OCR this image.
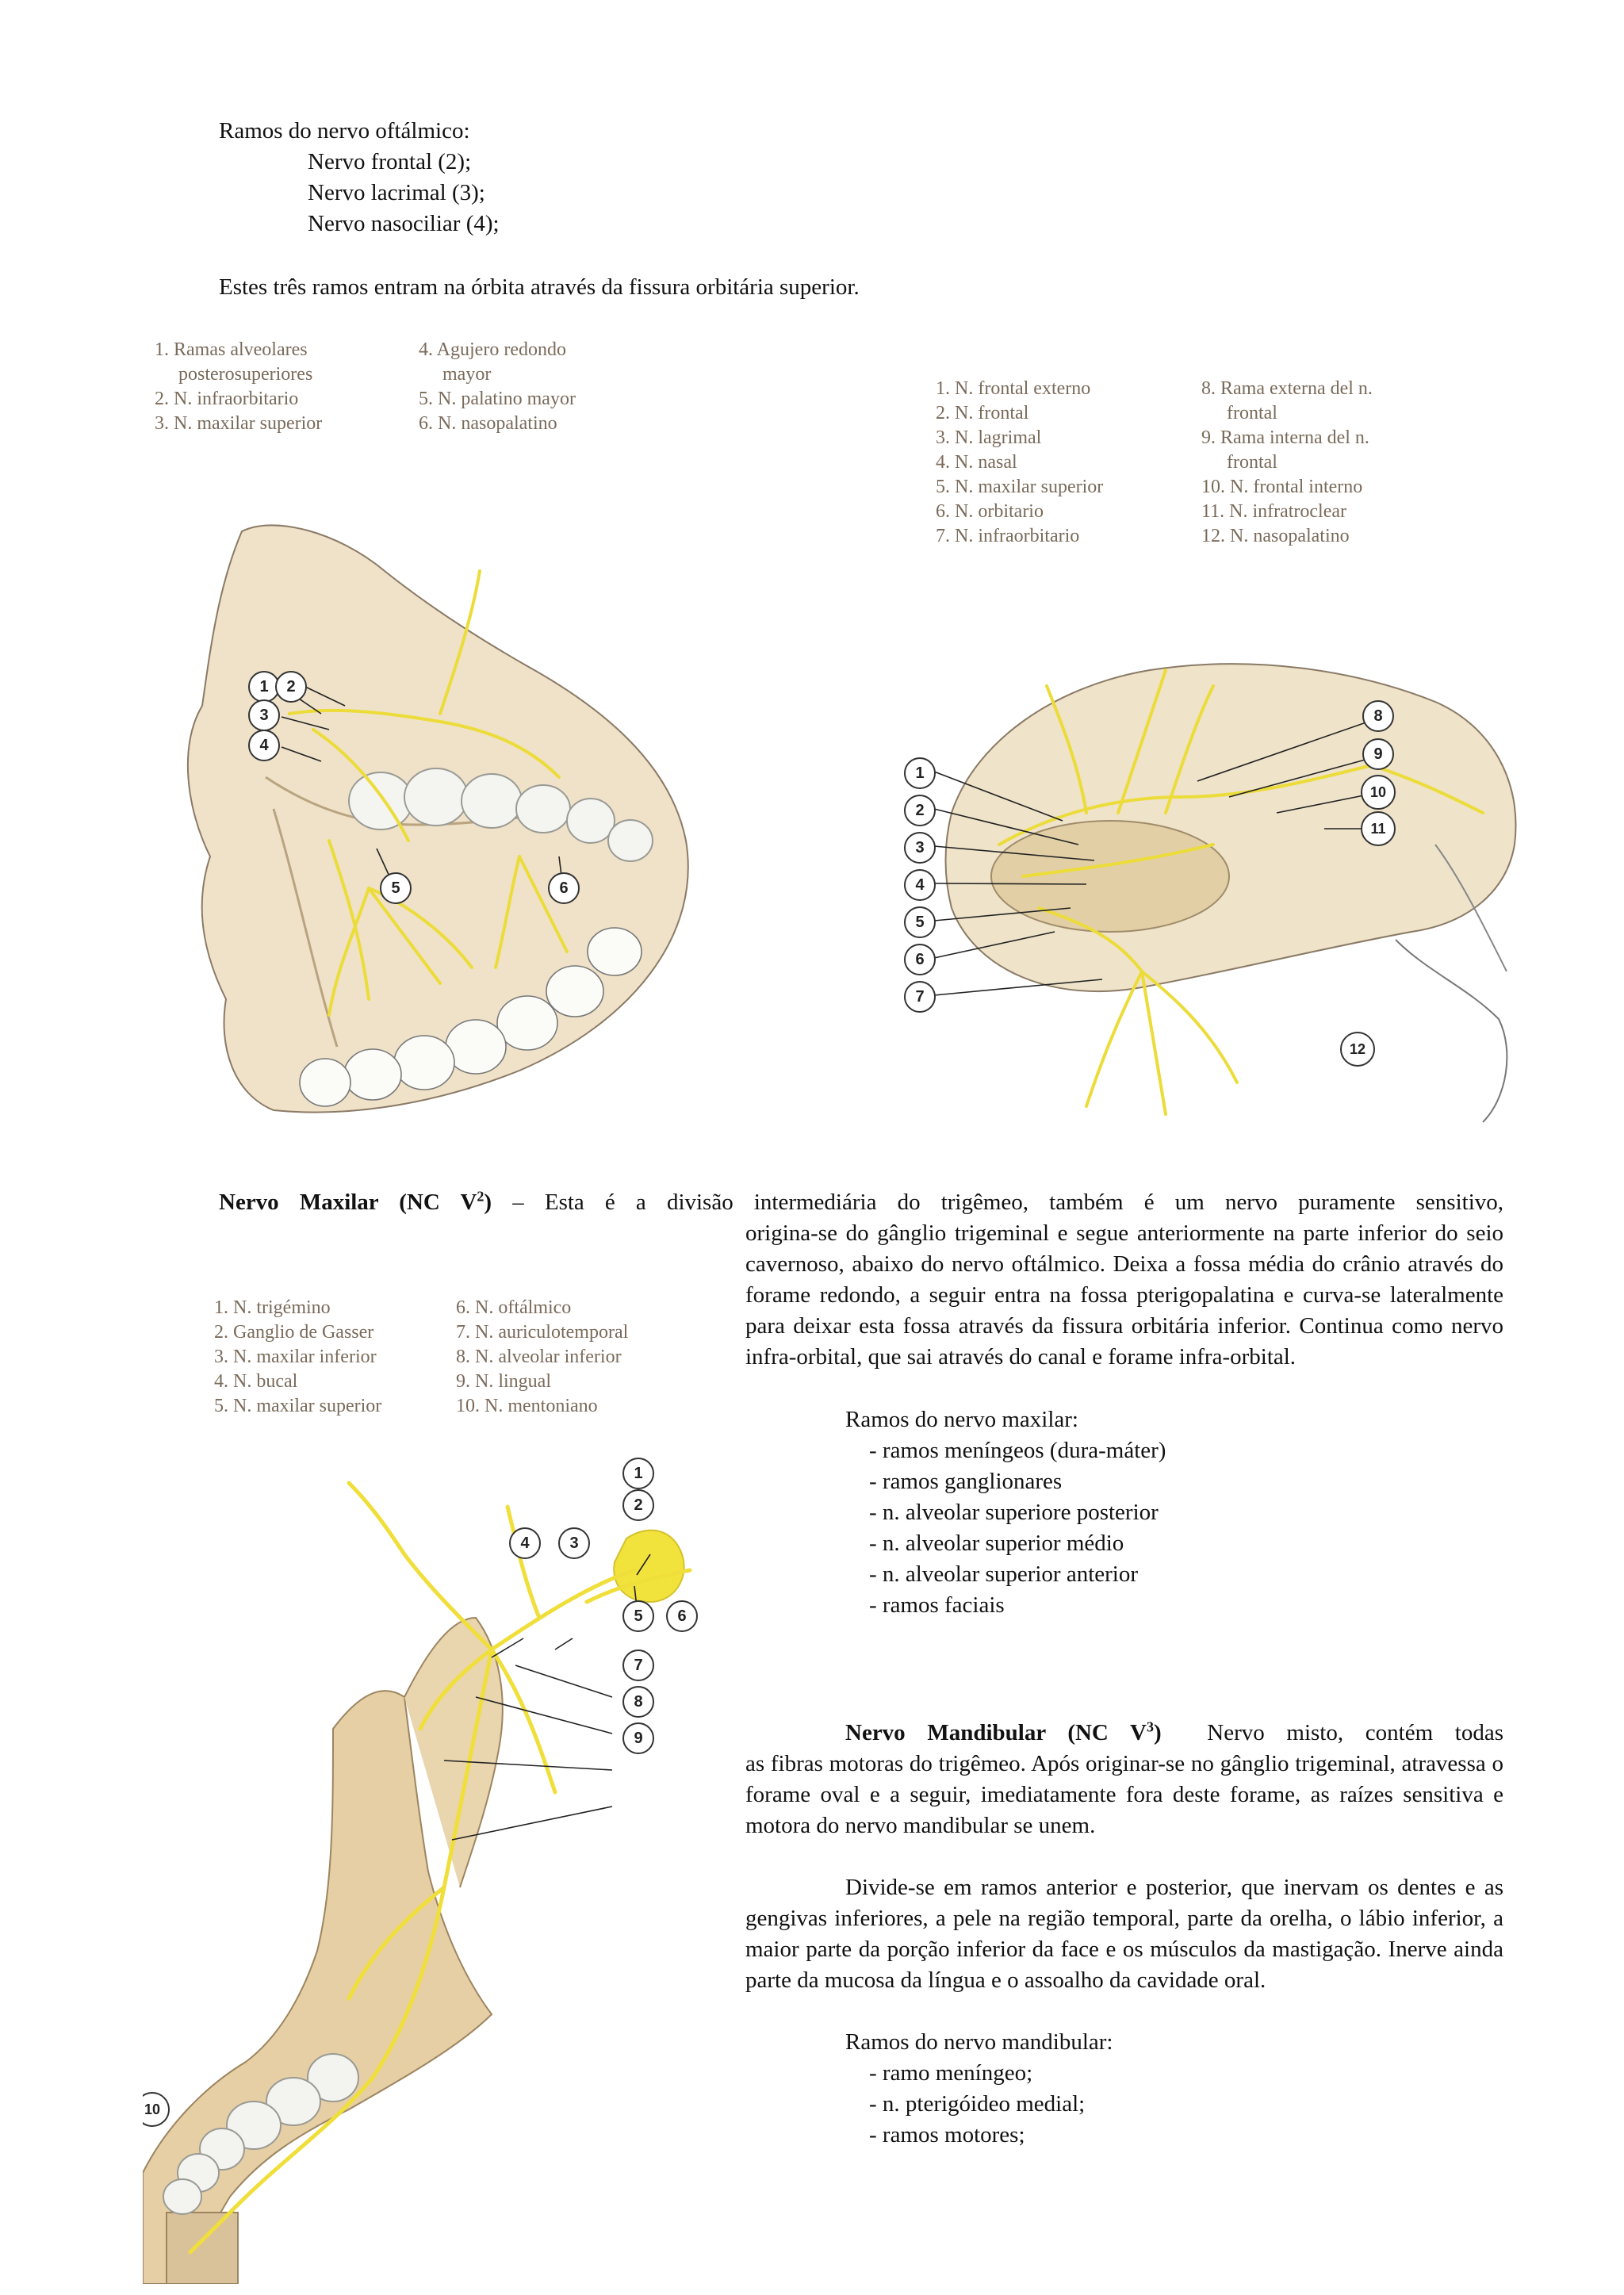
Ramos do nervo oftálmico:
Nervo frontal (2);
Nervo lacrimal (3);
Nervo nasociliar (4);
Estes três ramos entram na órbita através da fissura orbitária superior.
1. Ramas alveolares
posterosuperiores
2. N. infraorbitario
3. N. maxilar superior
4. Agujero redondo
mayor
5. N. palatino mayor
6. N. nasopalatino
1	2
3
4
5	6
1. N. frontal externo
2. N. frontal
3. N. lagrimal
4. N. nasal
5. N. maxilar superior
6. N. orbitario
7. N. infraorbitario
8. Rama externa del n.
frontal
9. Rama interna del n.
frontal
10. N. frontal interno
11. N. infratroclear
12. N. nasopalatino
1
2
3
4
5
6
7
8
9
10
11
12
Nervo Maxilar (NC $V^2$) – Esta é a divisão intermediária do trigêmeo, também é um nervo puramente sensitivo,
origina-se do gânglio trigeminal e segue anteriormente na parte inferior do seio cavernoso, abaixo do nervo oftálmico. Deixa a fossa média do crânio através do forame redondo, a seguir entra na fossa pterigopalatina e curva-se lateralmente para deixar esta fossa através da fissura orbitária inferior. Continua como nervo infra-orbital, que sai através do canal e forame infra-orbital.
Ramos do nervo maxilar:
- ramos meníngeos (dura-máter)
- ramos ganglionares
- n. alveolar superiore posterior
- n. alveolar superior médio
- n. alveolar superior anterior
- ramos faciais
1. N. trigémino
2. Ganglio de Gasser
3. N. maxilar inferior
4. N. bucal
5. N. maxilar superior
6. N. oftálmico
7. N. auriculotemporal
8. N. alveolar inferior
9. N. lingual
10. N. mentoniano
1
2
4	3
5	6
7
8
9
10
Nervo Mandibular (NC $V^3$) Nervo misto, contém todas
as fibras motoras do trigêmeo. Após originar-se no gânglio trigeminal, atravessa o forame oval e a seguir, imediatamente fora deste forame, as raízes sensitiva e motora do nervo mandibular se unem.
Divide-se em ramos anterior e posterior, que inervam os dentes e as gengivas inferiores, a pele na região temporal, parte da orelha, o lábio inferior, a maior parte da porção inferior da face e os músculos da mastigação. Inerve ainda parte da mucosa da língua e o assoalho da cavidade oral.
Ramos do nervo mandibular:
- ramo meníngeo;
- n. pterigóideo medial;
- ramos motores;
